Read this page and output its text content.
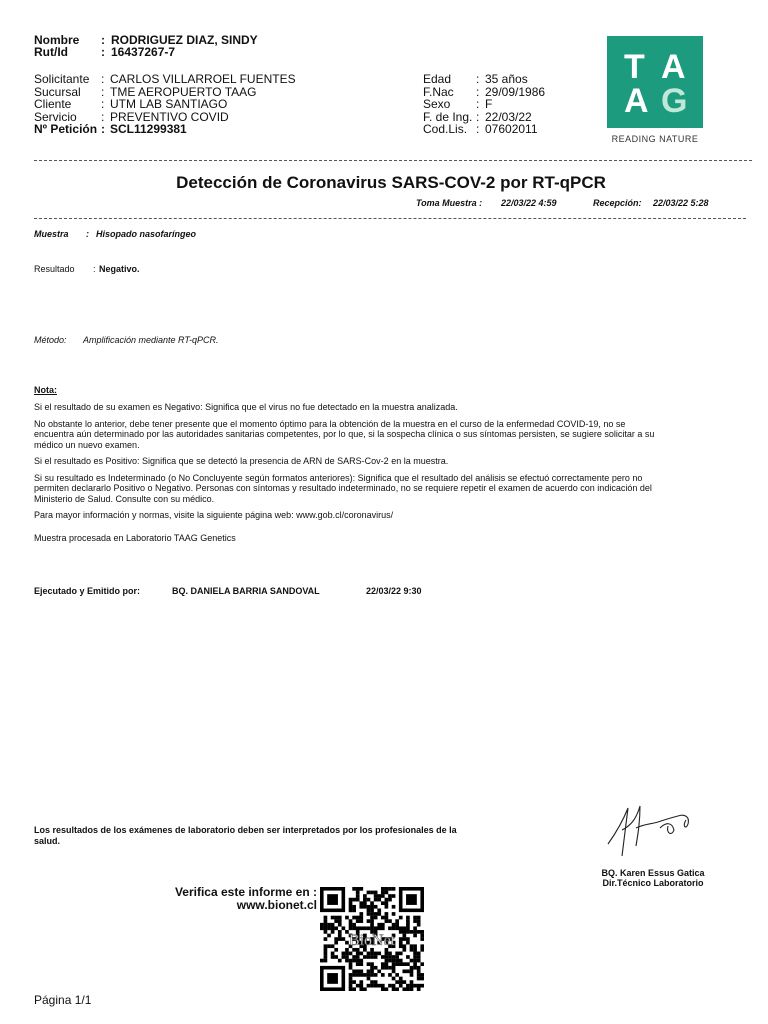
Nombre : RODRIGUEZ DIAZ, SINDY
Rut/Id	: 16437267-7
Solicitante : CARLOS VILLARROEL FUENTES
Sucursal : TME AEROPUERTO TAAG
Cliente : UTM LAB SANTIAGO
Servicio : PREVENTIVO COVID
Nº Petición : SCL11299381
Edad : 35 años
F.Nac : 29/09/1986
Sexo : F
F. de Ing. : 22/03/22
Cod.Lis. : 07602011
T A
A G
READING NATURE
Detección de Coronavirus SARS-COV-2 por RT-qPCR
Toma Muestra : 22/03/22 4:59	Recepción: 22/03/22 5:28
Muestra : Hisopado nasofaríngeo
Resultado : Negativo.
Método: Amplificación mediante RT-qPCR.
Nota:

Si el resultado de su examen es Negativo: Significa que el virus no fue detectado en la muestra analizada.

No obstante lo anterior, debe tener presente que el momento óptimo para la obtención de la muestra en el curso de la enfermedad COVID-19, no se encuentra aún determinado por las autoridades sanitarias competentes, por lo que, si la sospecha clínica o sus síntomas persisten, se sugiere solicitar a su médico un nuevo examen.

Si el resultado es Positivo: Significa que se detectó la presencia de ARN de SARS-Cov-2 en la muestra.

Si su resultado es Indeterminado (o No Concluyente según formatos anteriores): Significa que el resultado del análisis se efectuó correctamente pero no permiten declararlo Positivo o Negativo. Personas con síntomas y resultado indeterminado, no se requiere repetir el examen de acuerdo con indicación del Ministerio de Salud. Consulte con su médico.

Para mayor información y normas, visite la siguiente página web: www.gob.cl/coronavirus/

Muestra procesada en Laboratorio TAAG Genetics

Ejecutado y Emitido por:	BQ. DANIELA BARRIA SANDOVAL	22/03/22 9:30
Los resultados de los exámenes de laboratorio deben ser interpretados por los profesionales de la salud.
BQ. Karen Essus Gatica
Dir.Técnico Laboratorio
Verifica este informe en :
www.bionet.cl
BioNet
Página 1/1
